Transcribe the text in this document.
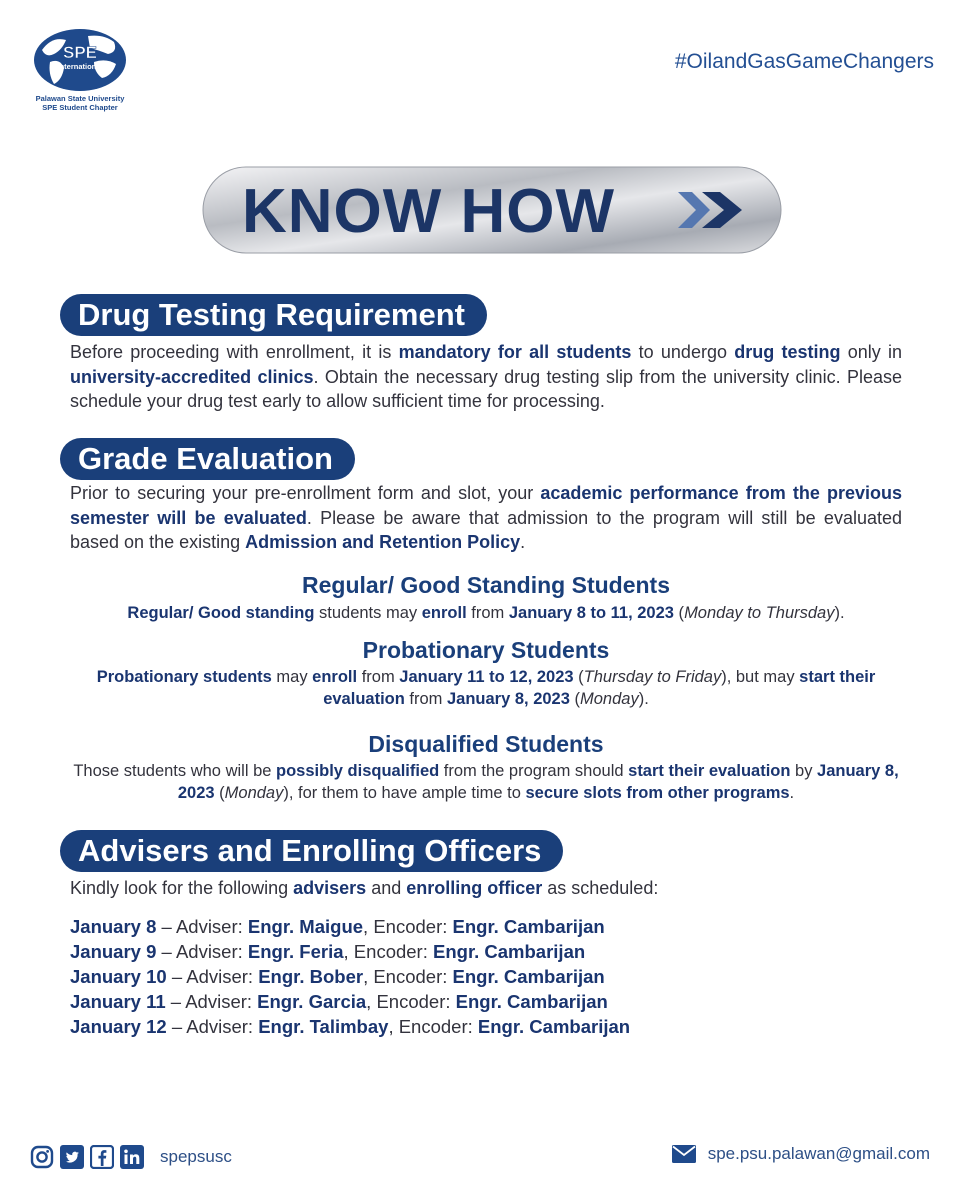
SPE
International
Palawan State University
SPE Student Chapter
#OilandGasGameChangers
KNOW HOW
Drug Testing Requirement
Before proceeding with enrollment, it is mandatory for all students to undergo drug testing only in university-accredited clinics. Obtain the necessary drug testing slip from the university clinic. Please schedule your drug test early to allow sufficient time for processing.
Grade Evaluation
Prior to securing your pre-enrollment form and slot, your academic performance from the previous semester will be evaluated. Please be aware that admission to the program will still be evaluated based on the existing Admission and Retention Policy.
Regular/ Good Standing Students
Regular/ Good standing students may enroll from January 8 to 11, 2023 (Monday to Thursday).
Probationary Students
Probationary students may enroll from January 11 to 12, 2023 (Thursday to Friday), but may start their evaluation from January 8, 2023 (Monday).
Disqualified Students
Those students who will be possibly disqualified from the program should start their evaluation by January 8, 2023 (Monday), for them to have ample time to secure slots from other programs.
Advisers and Enrolling Officers
Kindly look for the following advisers and enrolling officer as scheduled:
January 8 – Adviser: Engr. Maigue, Encoder: Engr. Cambarijan
January 9 – Adviser: Engr. Feria, Encoder: Engr. Cambarijan
January 10 – Adviser: Engr. Bober, Encoder: Engr. Cambarijan
January 11 – Adviser: Engr. Garcia, Encoder: Engr. Cambarijan
January 12 – Adviser: Engr. Talimbay, Encoder: Engr. Cambarijan
spepsusc	spe.psu.palawan@gmail.com
